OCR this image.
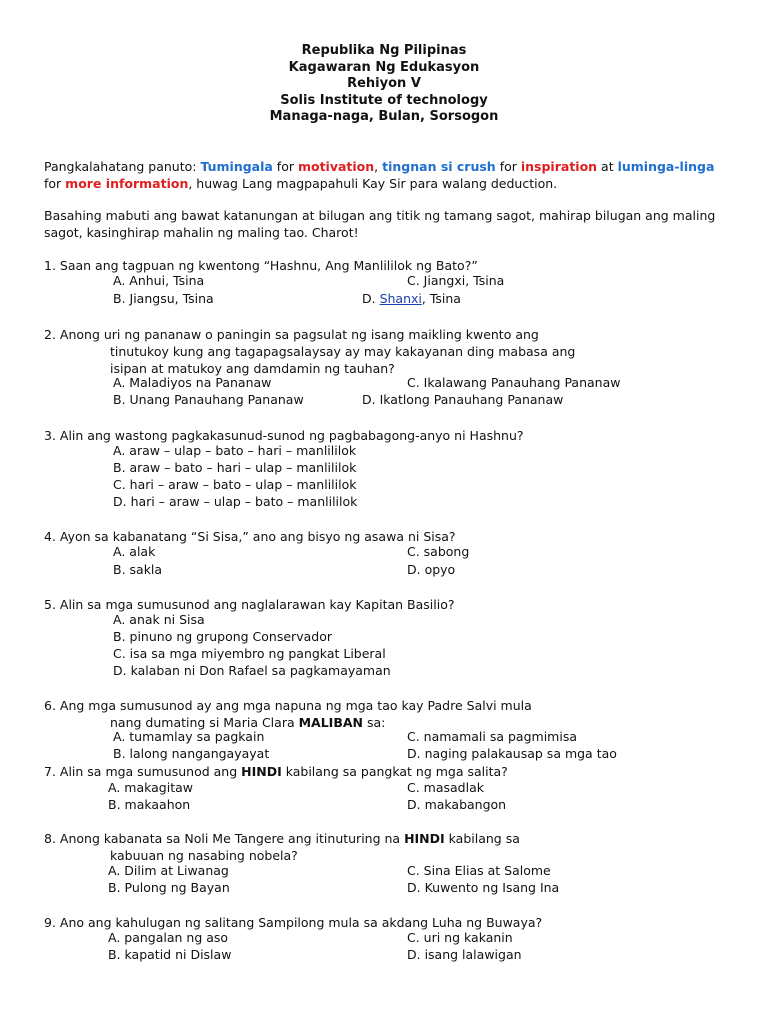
Republika Ng Pilipinas
Kagawaran Ng Edukasyon
Rehiyon V
Solis Institute of technology
Managa-naga, Bulan, Sorsogon
Pangkalahatang panuto: Tumingala for motivation, tingnan si crush for inspiration at luminga-linga
for more information, huwag Lang magpapahuli Kay Sir para walang deduction.
Basahing mabuti ang bawat katanungan at bilugan ang titik ng tamang sagot, mahirap bilugan ang maling sagot, kasinghirap mahalin ng maling tao. Charot!
1. Saan ang tagpuan ng kwentong “Hashnu, Ang Manlililok ng Bato?”
A. Anhui, Tsina	C. Jiangxi, Tsina
B. Jiangsu, Tsina	D. Shanxi, Tsina
2. Anong uri ng pananaw o paningin sa pagsulat ng isang maikling kwento ang
tinutukoy kung ang tagapagsalaysay ay may kakayanan ding mabasa ang
isipan at matukoy ang damdamin ng tauhan?
A. Maladiyos na Pananaw	C. Ikalawang Panauhang Pananaw
B. Unang Panauhang Pananaw	D. Ikatlong Panauhang Pananaw
3. Alin ang wastong pagkakasunud-sunod ng pagbabagong-anyo ni Hashnu?
A. araw – ulap – bato – hari – manlililok
B. araw – bato – hari – ulap – manlililok
C. hari – araw – bato – ulap – manlililok
D. hari – araw – ulap – bato – manlililok
4. Ayon sa kabanatang “Si Sisa,” ano ang bisyo ng asawa ni Sisa?
A. alak	C. sabong
B. sakla	D. opyo
5. Alin sa mga sumusunod ang naglalarawan kay Kapitan Basilio?
A. anak ni Sisa
B. pinuno ng grupong Conservador
C. isa sa mga miyembro ng pangkat Liberal
D. kalaban ni Don Rafael sa pagkamayaman
6. Ang mga sumusunod ay ang mga napuna ng mga tao kay Padre Salvi mula
nang dumating si Maria Clara MALIBAN sa:
A. tumamlay sa pagkain	C. namamali sa pagmimisa
B. lalong nangangayayat	D. naging palakausap sa mga tao
7. Alin sa mga sumusunod ang HINDI kabilang sa pangkat ng mga salita?
A. makagitaw	C. masadlak
B. makaahon	D. makabangon
8. Anong kabanata sa Noli Me Tangere ang itinuturing na HINDI kabilang sa
kabuuan ng nasabing nobela?
A. Dilim at Liwanag	C. Sina Elias at Salome
B. Pulong ng Bayan	D. Kuwento ng Isang Ina
9. Ano ang kahulugan ng salitang Sampilong mula sa akdang Luha ng Buwaya?
A. pangalan ng aso	C. uri ng kakanin
B. kapatid ni Dislaw	D. isang lalawigan
